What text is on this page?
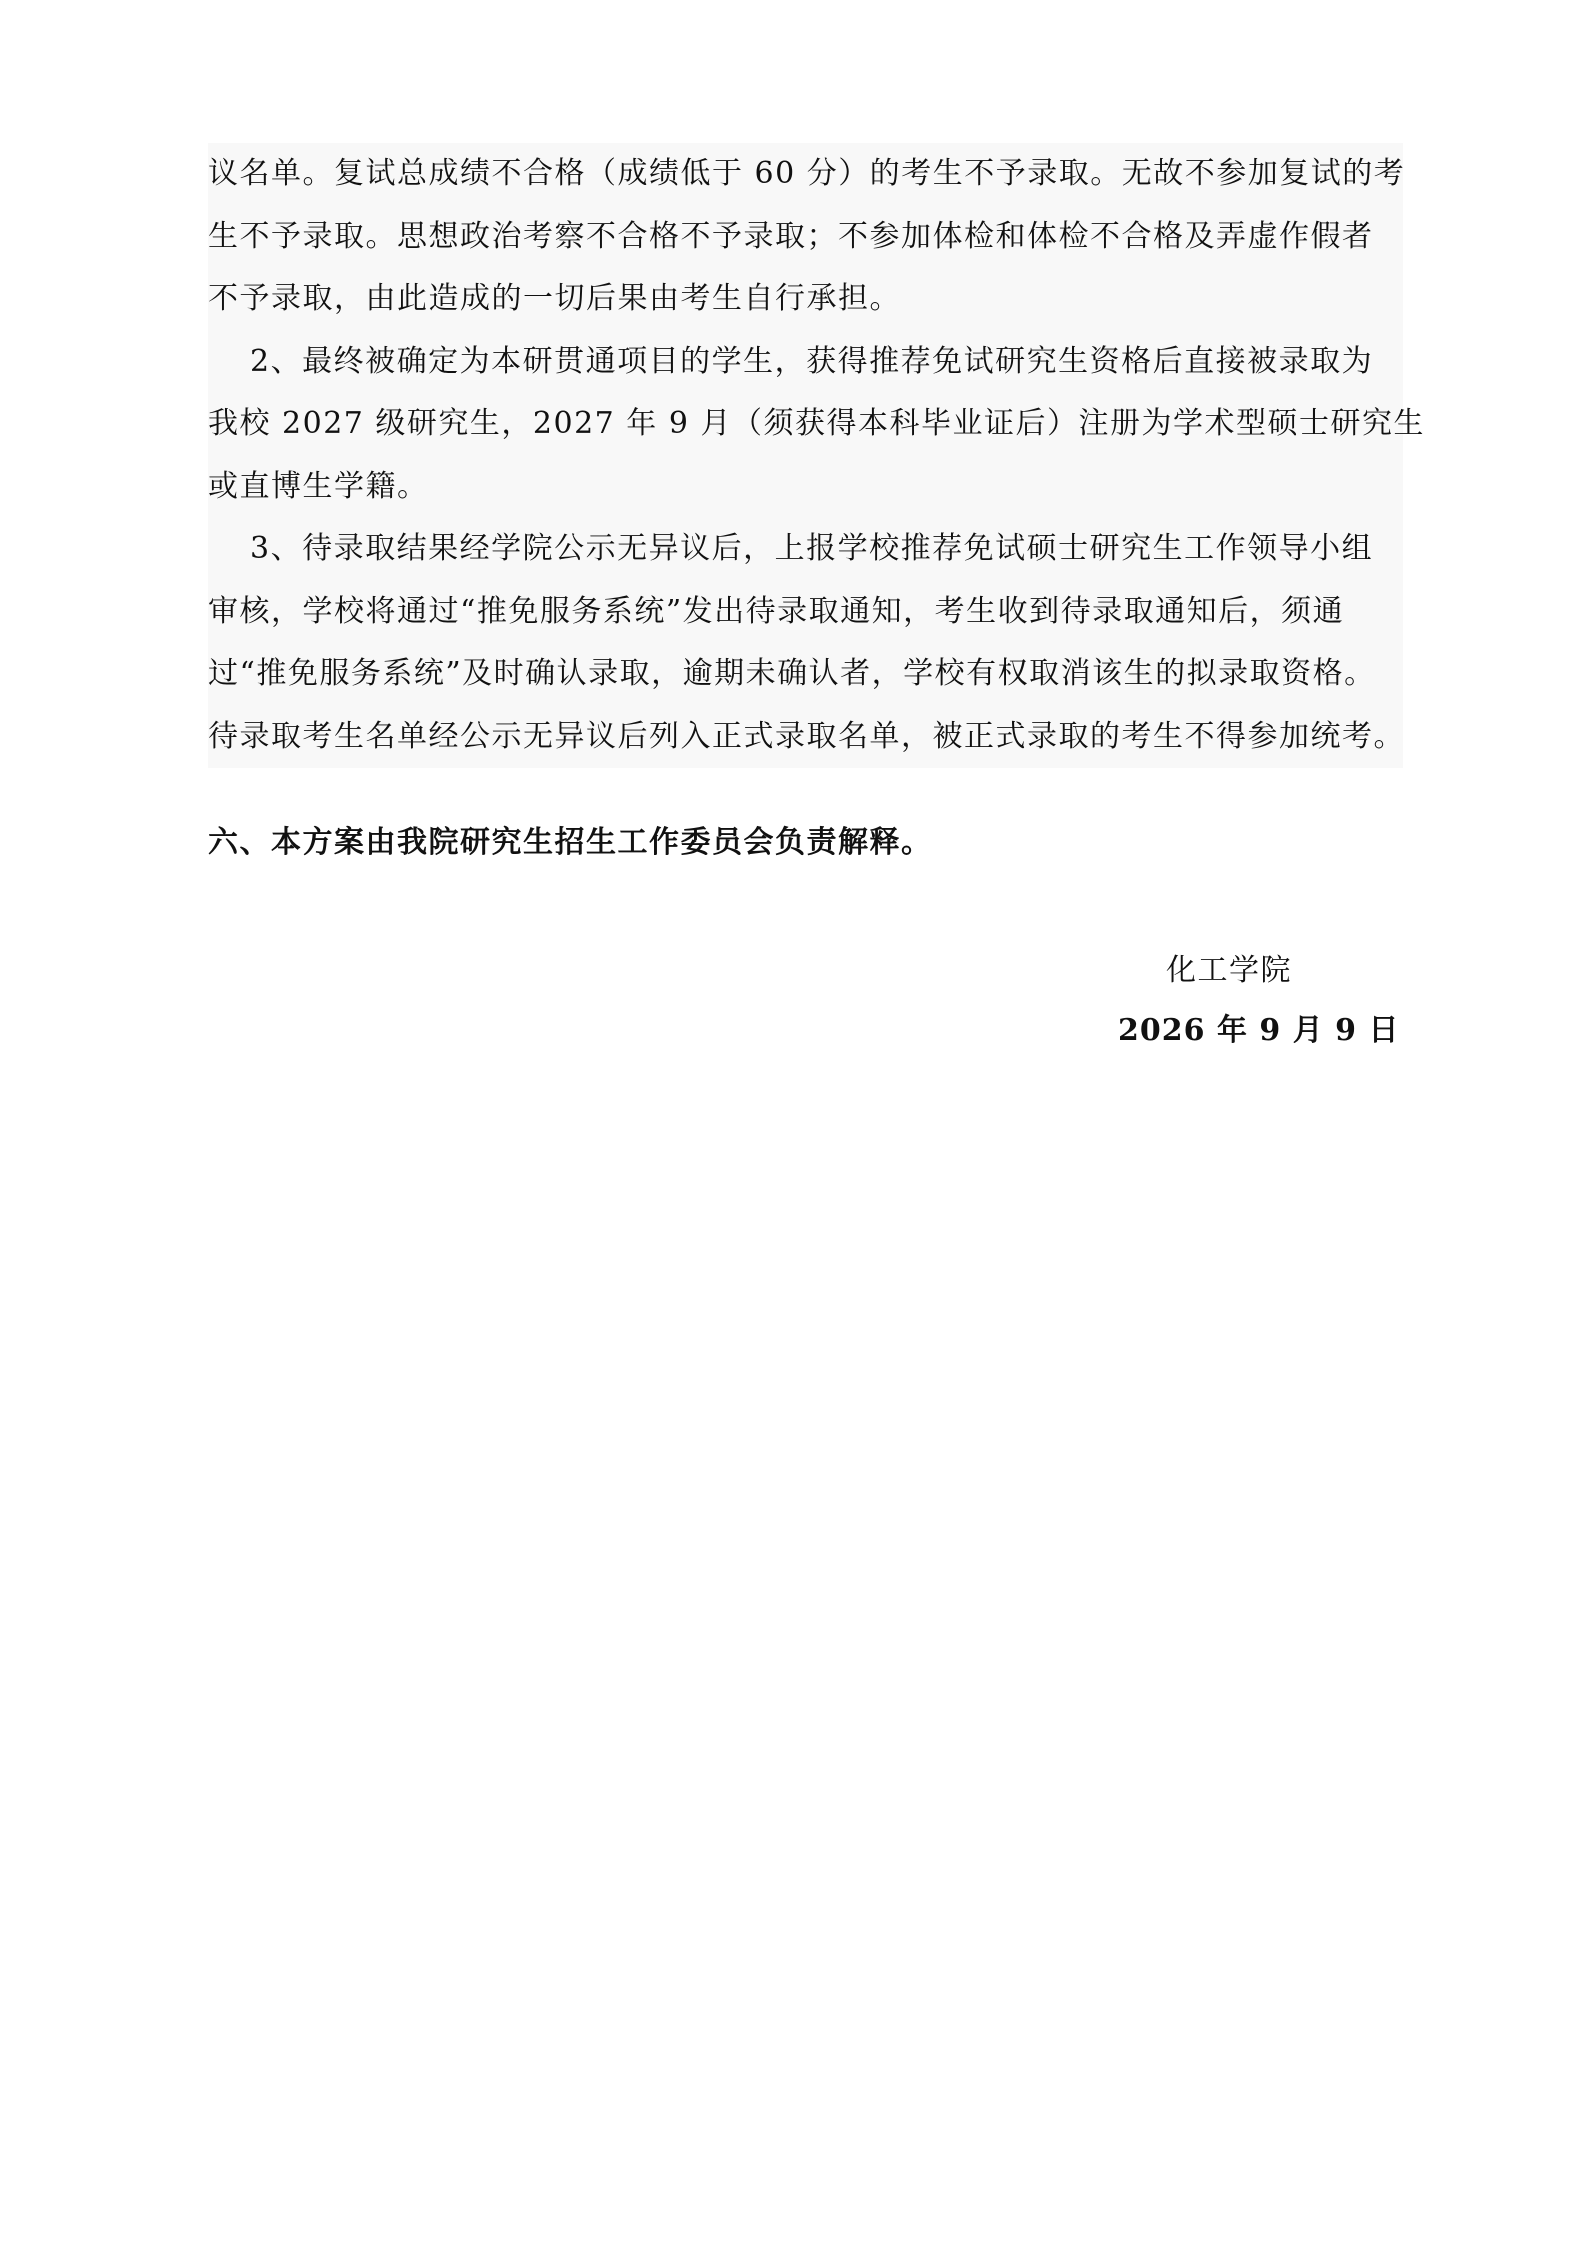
议名单。复试总成绩不合格（成绩低于 60 分）的考生不予录取。无故不参加复试的考
生不予录取。思想政治考察不合格不予录取；不参加体检和体检不合格及弄虚作假者
不予录取，由此造成的一切后果由考生自行承担。

2、最终被确定为本研贯通项目的学生，获得推荐免试研究生资格后直接被录取为
我校 2027 级研究生，2027 年 9 月（须获得本科毕业证后）注册为学术型硕士研究生
或直博生学籍。

3、待录取结果经学院公示无异议后，上报学校推荐免试硕士研究生工作领导小组
审核，学校将通过“推免服务系统”发出待录取通知，考生收到待录取通知后，须通
过“推免服务系统”及时确认录取，逾期未确认者，学校有权取消该生的拟录取资格。
待录取考生名单经公示无异议后列入正式录取名单，被正式录取的考生不得参加统考。

六、本方案由我院研究生招生工作委员会负责解释。
化工学院
2026 年 9 月 9 日
